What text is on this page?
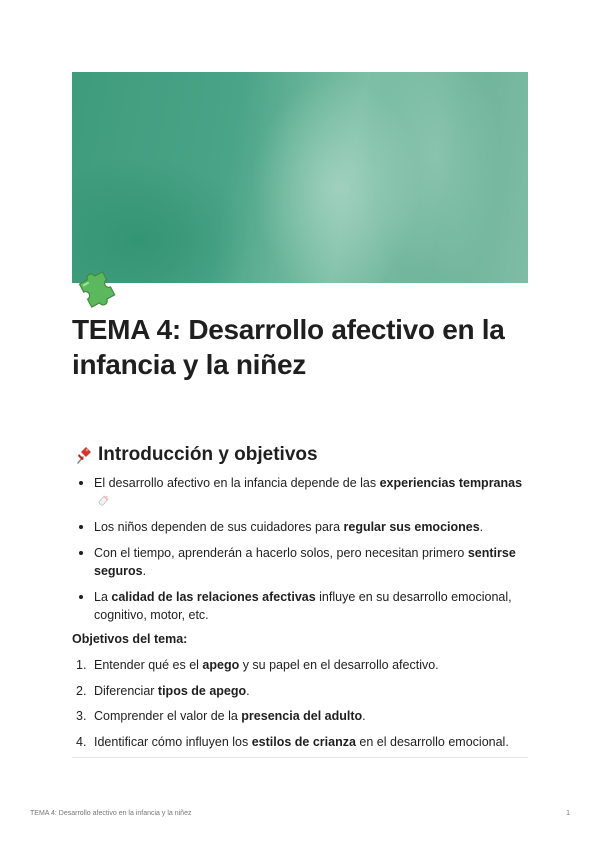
TEMA 4: Desarrollo afectivo en la infancia y la niñez
Introducción y objetivos
El desarrollo afectivo en la infancia depende de las experiencias tempranas
Los niños dependen de sus cuidadores para regular sus emociones.
Con el tiempo, aprenderán a hacerlo solos, pero necesitan primero sentirse seguros.
La calidad de las relaciones afectivas influye en su desarrollo emocional, cognitivo, motor, etc.

Objetivos del tema:

1. Entender qué es el apego y su papel en el desarrollo afectivo.
2. Diferenciar tipos de apego.
3. Comprender el valor de la presencia del adulto.
4. Identificar cómo influyen los estilos de crianza en el desarrollo emocional.
TEMA 4: Desarrollo afectivo en la infancia y la niñez	1
